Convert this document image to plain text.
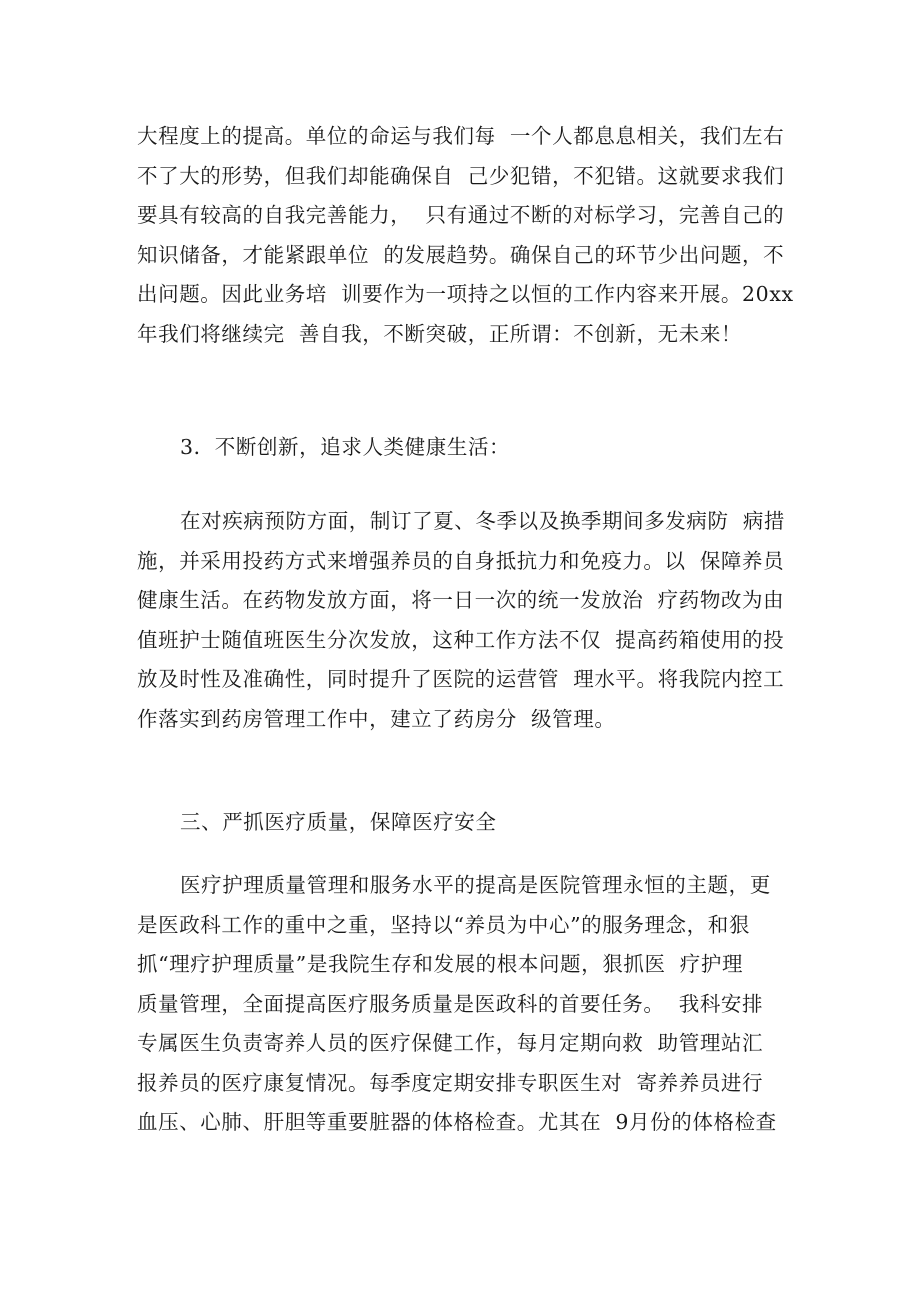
大程度上的提高。单位的命运与我们每  一个人都息息相关，我们左右
不了大的形势，但我们却能确保自  己少犯错，不犯错。这就要求我们
要具有较高的自我完善能力，  只有通过不断的对标学习，完善自己的
知识储备，才能紧跟单位  的发展趋势。确保自己的环节少出问题，不
出问题。因此业务培  训要作为一项持之以恒的工作内容来开展。20xx
年我们将继续完  善自我，不断突破，正所谓：不创新，无未来！

3．不断创新，追求人类健康生活：

在对疾病预防方面，制订了夏、冬季以及换季期间多发病防  病措
施，并采用投药方式来增强养员的自身抵抗力和免疫力。以  保障养员
健康生活。在药物发放方面，将一日一次的统一发放治  疗药物改为由
值班护士随值班医生分次发放，这种工作方法不仅  提高药箱使用的投
放及时性及准确性，同时提升了医院的运营管  理水平。将我院内控工
作落实到药房管理工作中，建立了药房分  级管理。

三、严抓医疗质量，保障医疗安全

医疗护理质量管理和服务水平的提高是医院管理永恒的主题，更
是医政科工作的重中之重，坚持以“养员为中心”的服务理念，和狠
抓“理疗护理质量”是我院生存和发展的根本问题，狠抓医  疗护理
质量管理，全面提高医疗服务质量是医政科的首要任务。  我科安排
专属医生负责寄养人员的医疗保健工作，每月定期向救  助管理站汇
报养员的医疗康复情况。每季度定期安排专职医生对  寄养养员进行
血压、心肺、肝胆等重要脏器的体格检查。尤其在  9月份的体格检查
